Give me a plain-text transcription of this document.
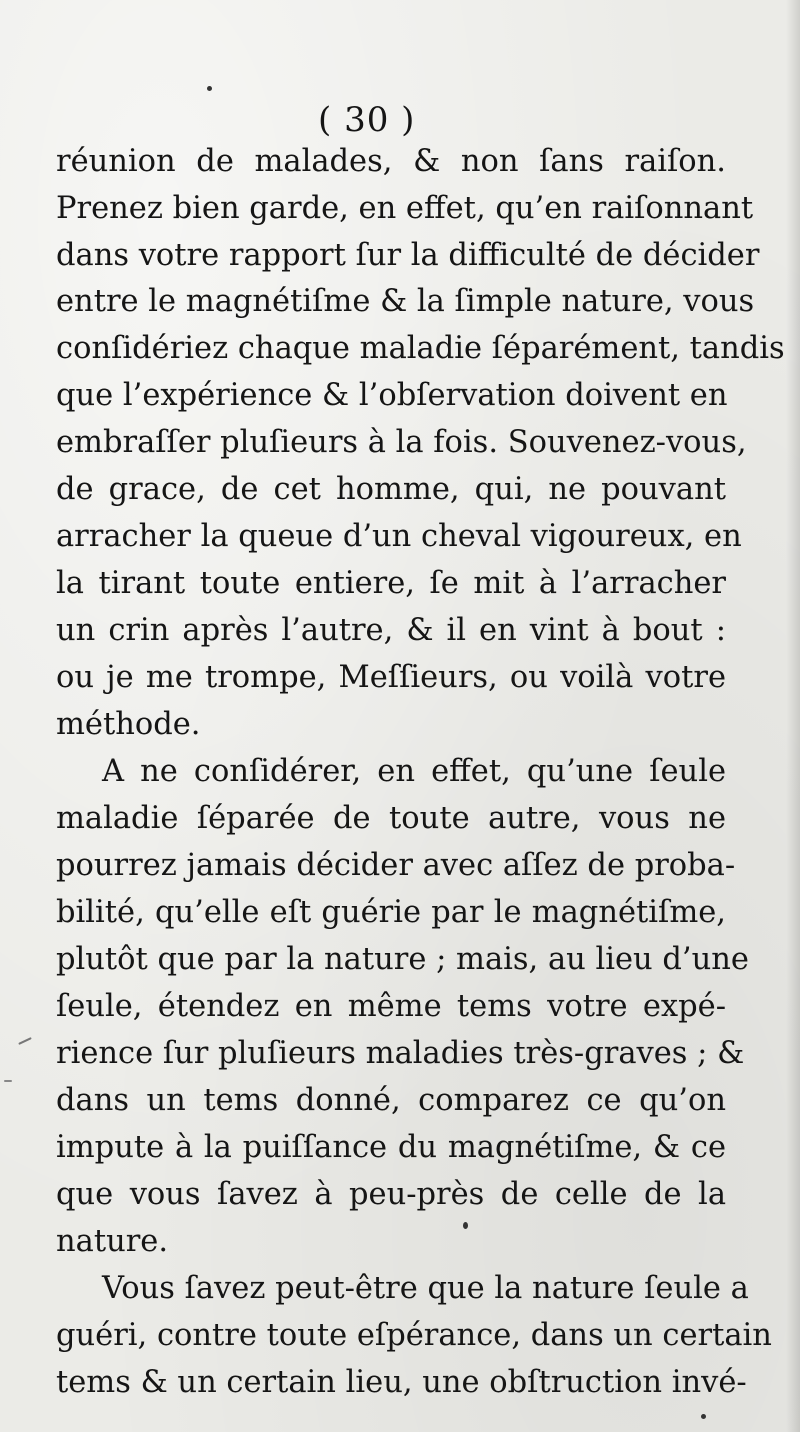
( 30 )
réunion de malades, & non ſans raiſon.
Prenez bien garde, en effet, qu’en raiſonnant
dans votre rapport ſur la difficulté de décider
entre le magnétiſme & la ſimple nature, vous
conſidériez chaque maladie ſéparément, tandis
que l’expérience & l’obſervation doivent en
embraſſer pluſieurs à la fois. Souvenez-vous,
de grace, de cet homme, qui, ne pouvant
arracher la queue d’un cheval vigoureux, en
la tirant toute entiere, ſe mit à l’arracher
un crin après l’autre, & il en vint à bout :
ou je me trompe, Meſſieurs, ou voilà votre
méthode.
A ne conſidérer, en effet, qu’une ſeule
maladie ſéparée de toute autre, vous ne
pourrez jamais décider avec aſſez de proba-
bilité, qu’elle eſt guérie par le magnétiſme,
plutôt que par la nature ; mais, au lieu d’une
ſeule, étendez en même tems votre expé-
rience ſur pluſieurs maladies très-graves ; &
dans un tems donné, comparez ce qu’on
impute à la puiſſance du magnétiſme, & ce
que vous ſavez à peu-près de celle de la
nature.
Vous ſavez peut-être que la nature ſeule a
guéri, contre toute eſpérance, dans un certain
tems & un certain lieu, une obſtruction invé-
